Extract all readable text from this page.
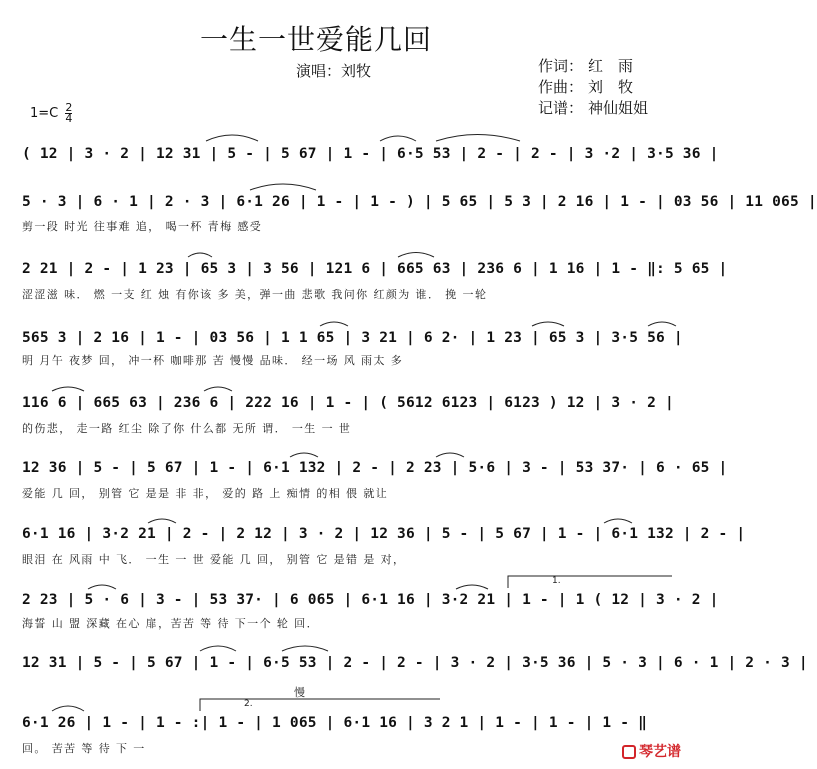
一生一世爱能几回
演唱：刘牧	作词： 红　雨
作曲： 刘　牧
记谱： 神仙姐姐
$1=C \frac{2}{4}$
( 12 | 3 · 2 | 12 31 | 5 - | 5 67 | 1 - | 6·5 53 | 2 - | 2 - | 3 ·2 | 3·5 36 |
5 · 3 | 6 · 1 | 2 · 3 | 6·1 26 | 1 - | 1 - ) | 5 65 | 5 3 | 2 16 | 1 - | 03 56 | 11 065 |
剪一段 时光 往事难 追， 喝一杯 青梅 感受
2 21 | 2 - | 1 23 | 65 3 | 3 56 | 121 6 | 665 63 | 236 6 | 1 16 | 1 - ‖: 5 65 |
涩涩滋 味． 燃 一支 红 烛 有你该 多 美，弹一曲 悲歌 我问你 红颜为 谁． 挽 一轮
565 3 | 2 16 | 1 - | 03 56 | 1 1 65 | 3 21 | 6 2· | 1 23 | 65 3 | 3·5 56 |
明 月午 夜梦 回， 冲一杯 咖啡那 苦 慢慢 品味． 经一场 风 雨太 多
116 6 | 665 63 | 236 6 | 222 16 | 1 - | ( 5612 6123 | 6123 ) 12 | 3 · 2 |
的伤悲， 走一路 红尘 除了你 什么都 无所 谓． 一生 一 世
12 36 | 5 - | 5 67 | 1 - | 6·1 132 | 2 - | 2 23 | 5·6 | 3 - | 53 37· | 6 · 65 |
爱能 几 回， 别管 它 是是 非 非， 爱的 路 上 痴情 的相 偎 就让
6·1 16 | 3·2 21 | 2 - | 2 12 | 3 · 2 | 12 36 | 5 - | 5 67 | 1 - | 6·1 132 | 2 - |
眼泪 在 风雨 中 飞． 一生 一 世 爱能 几 回， 别管 它 是错 是 对，
2 23 | 5 · 6 | 3 - | 53 37· | 6 065 | 6·1 16 | 3·2 21 | 1 - | 1 ( 12 | 3 · 2 |
海誓 山 盟 深藏 在心 扉，苦苦 等 待 下一个 轮 回．
12 31 | 5 - | 5 67 | 1 - | 6·5 53 | 2 - | 2 - | 3 · 2 | 3·5 36 | 5 · 3 | 6 · 1 | 2 · 3 |
6·1 26 | 1 - | 1 - :| 1 - | 1 065 | 6·1 16 | 3 2 1 | 1 - | 1 - | 1 - ‖
回。 苦苦 等 待 下 一
1.
2.
慢
琴艺谱
